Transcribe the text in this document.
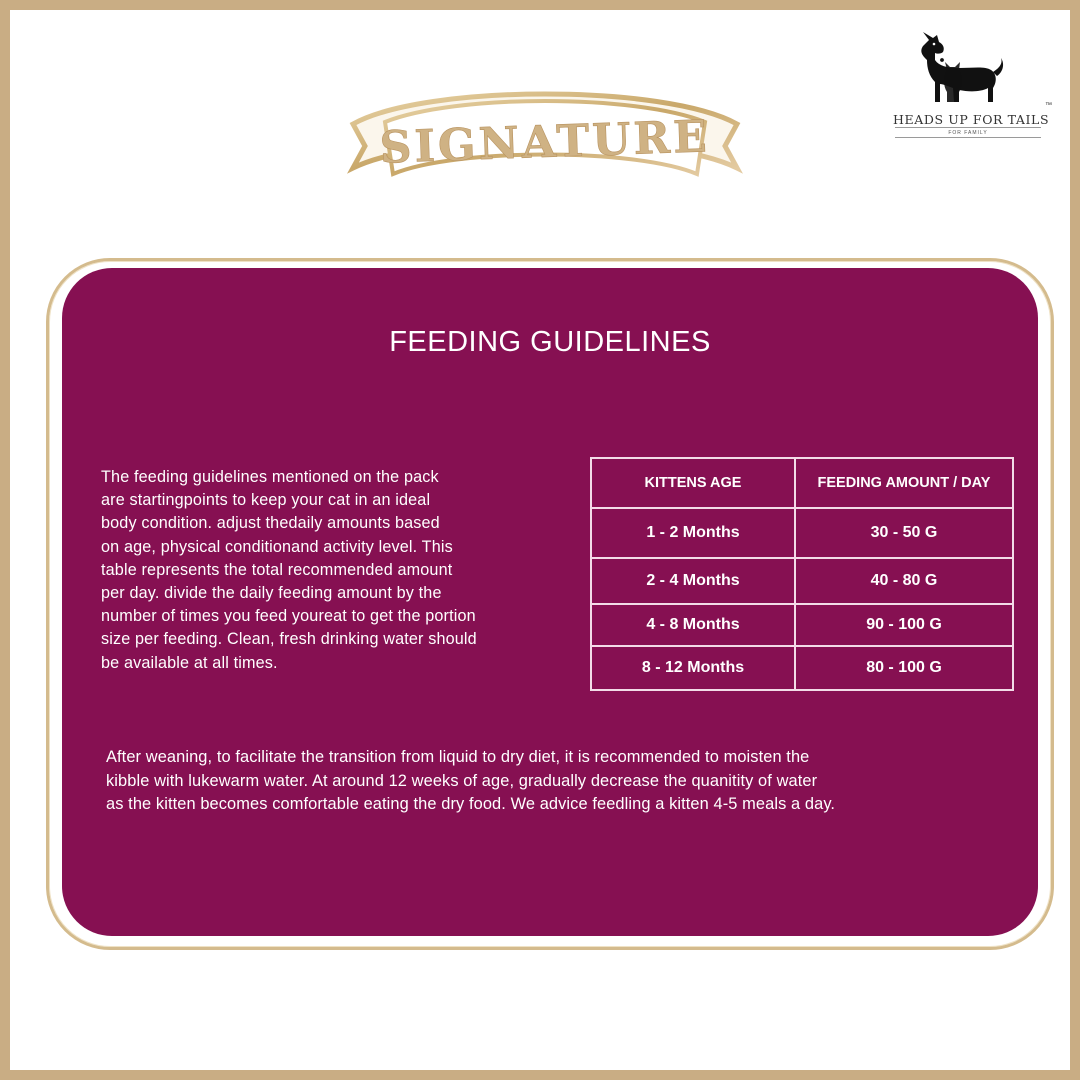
HEADS UP FOR TAILS
™
FOR FAMILY
SIGNATURE
FEEDING GUIDELINES

The feeding guidelines mentioned on the pack
are startingpoints to keep your cat in an ideal
body condition. adjust thedaily amounts based
on age, physical conditionand activity level. This
table represents the total recommended amount
per day. divide the daily feeding amount by the
number of times you feed youreat to get the portion
size per feeding. Clean, fresh drinking water should
be available at all times.

KITTENS AGE	FEEDING AMOUNT / DAY
1 - 2 Months	30 - 50 G
2 - 4 Months	40 - 80 G
4 - 8 Months	90 - 100 G
8 - 12 Months	80 - 100 G

After weaning, to facilitate the transition from liquid to dry diet, it is recommended to moisten the
kibble with lukewarm water. At around 12 weeks of age, gradually decrease the quanitity of water
as the kitten becomes comfortable eating the dry food. We advice feedling a kitten 4-5 meals a day.
